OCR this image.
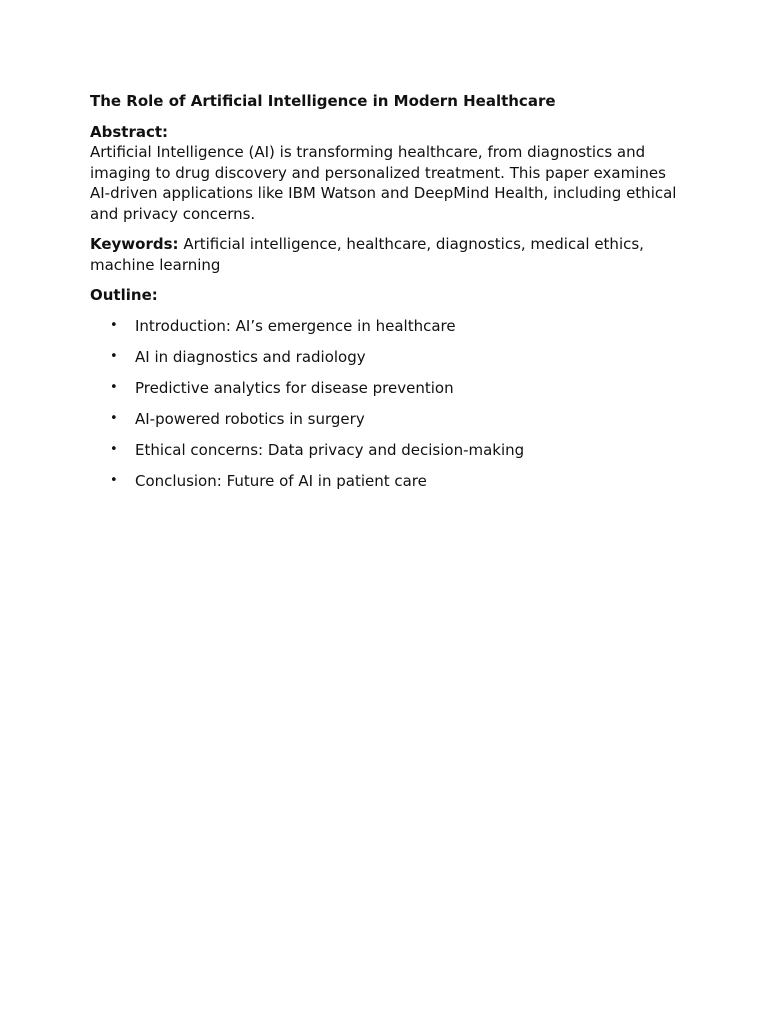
The Role of Artificial Intelligence in Modern Healthcare
Abstract:
Artificial Intelligence (AI) is transforming healthcare, from diagnostics and imaging to drug discovery and personalized treatment. This paper examines AI-driven applications like IBM Watson and DeepMind Health, including ethical and privacy concerns.
Keywords: Artificial intelligence, healthcare, diagnostics, medical ethics, machine learning
Outline:
• Introduction: AI’s emergence in healthcare
• AI in diagnostics and radiology
• Predictive analytics for disease prevention
• AI-powered robotics in surgery
• Ethical concerns: Data privacy and decision-making
• Conclusion: Future of AI in patient care
